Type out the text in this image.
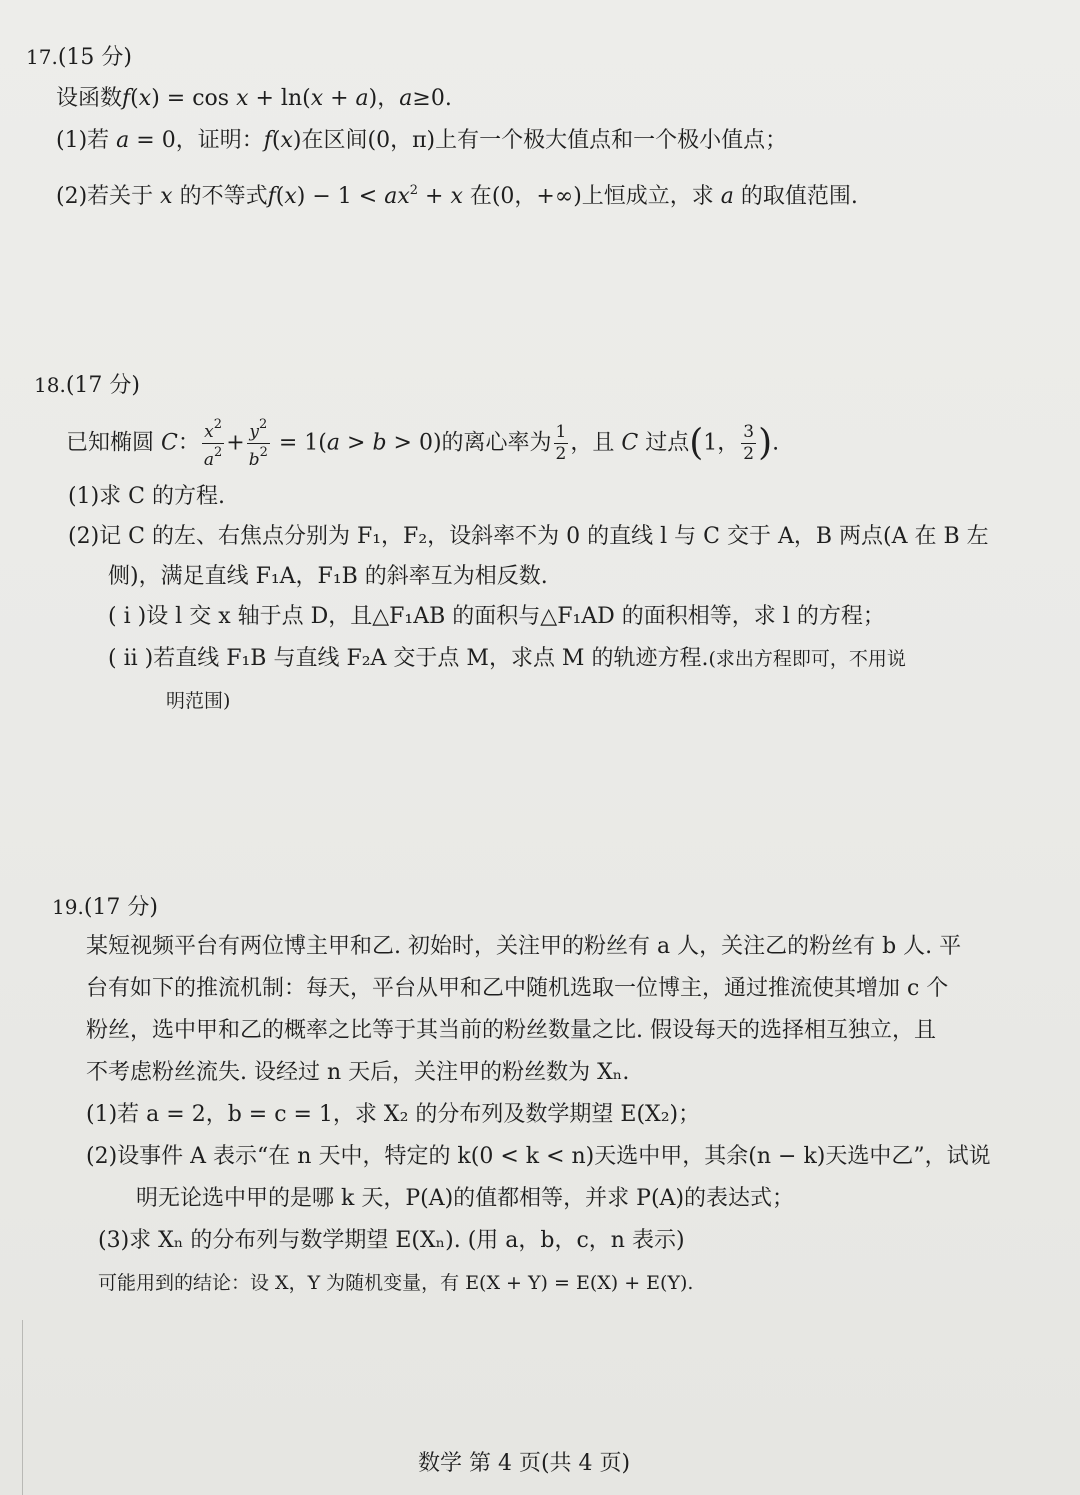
17.(15 分)
设函数f(x) = cos x + ln(x + a)，a≥0.
(1)若 a = 0，证明：f(x)在区间(0，π)上有一个极大值点和一个极小值点；
(2)若关于 x 的不等式$f(x) - 1 < ax^2 + x$ 在(0，+∞)上恒成立，求 a 的取值范围.
18.(17 分)
已知椭圆 C： $\frac{x^2}{a^2} + \frac{y^2}{b^2} = 1(a > b > 0)$的离心率为 $\frac{1}{2}$ ，且 C 过点(1， $\frac{3}{2}$ ).
(1)求 C 的方程.
(2)记 C 的左、右焦点分别为 F₁，F₂，设斜率不为 0 的直线 l 与 C 交于 A，B 两点(A 在 B 左
侧)，满足直线 F₁A，F₁B 的斜率互为相反数.
( ⅰ )设 l 交 x 轴于点 D，且△F₁AB 的面积与△F₁AD 的面积相等，求 l 的方程；
( ⅱ )若直线 F₁B 与直线 F₂A 交于点 M，求点 M 的轨迹方程.(求出方程即可，不用说
明范围)
19.(17 分)
某短视频平台有两位博主甲和乙. 初始时，关注甲的粉丝有 a 人，关注乙的粉丝有 b 人. 平
台有如下的推流机制：每天，平台从甲和乙中随机选取一位博主，通过推流使其增加 c 个
粉丝，选中甲和乙的概率之比等于其当前的粉丝数量之比. 假设每天的选择相互独立，且
不考虑粉丝流失. 设经过 n 天后，关注甲的粉丝数为 Xₙ.
(1)若 a = 2，b = c = 1，求 X₂ 的分布列及数学期望 E(X₂)；
(2)设事件 A 表示“在 n 天中，特定的 k(0 < k < n)天选中甲，其余(n − k)天选中乙”，试说
明无论选中甲的是哪 k 天，P(A)的值都相等，并求 P(A)的表达式；
(3)求 Xₙ 的分布列与数学期望 E(Xₙ). (用 a，b，c，n 表示)
可能用到的结论：设 X，Y 为随机变量，有 E(X + Y) = E(X) + E(Y).
数学 第 4 页(共 4 页)
